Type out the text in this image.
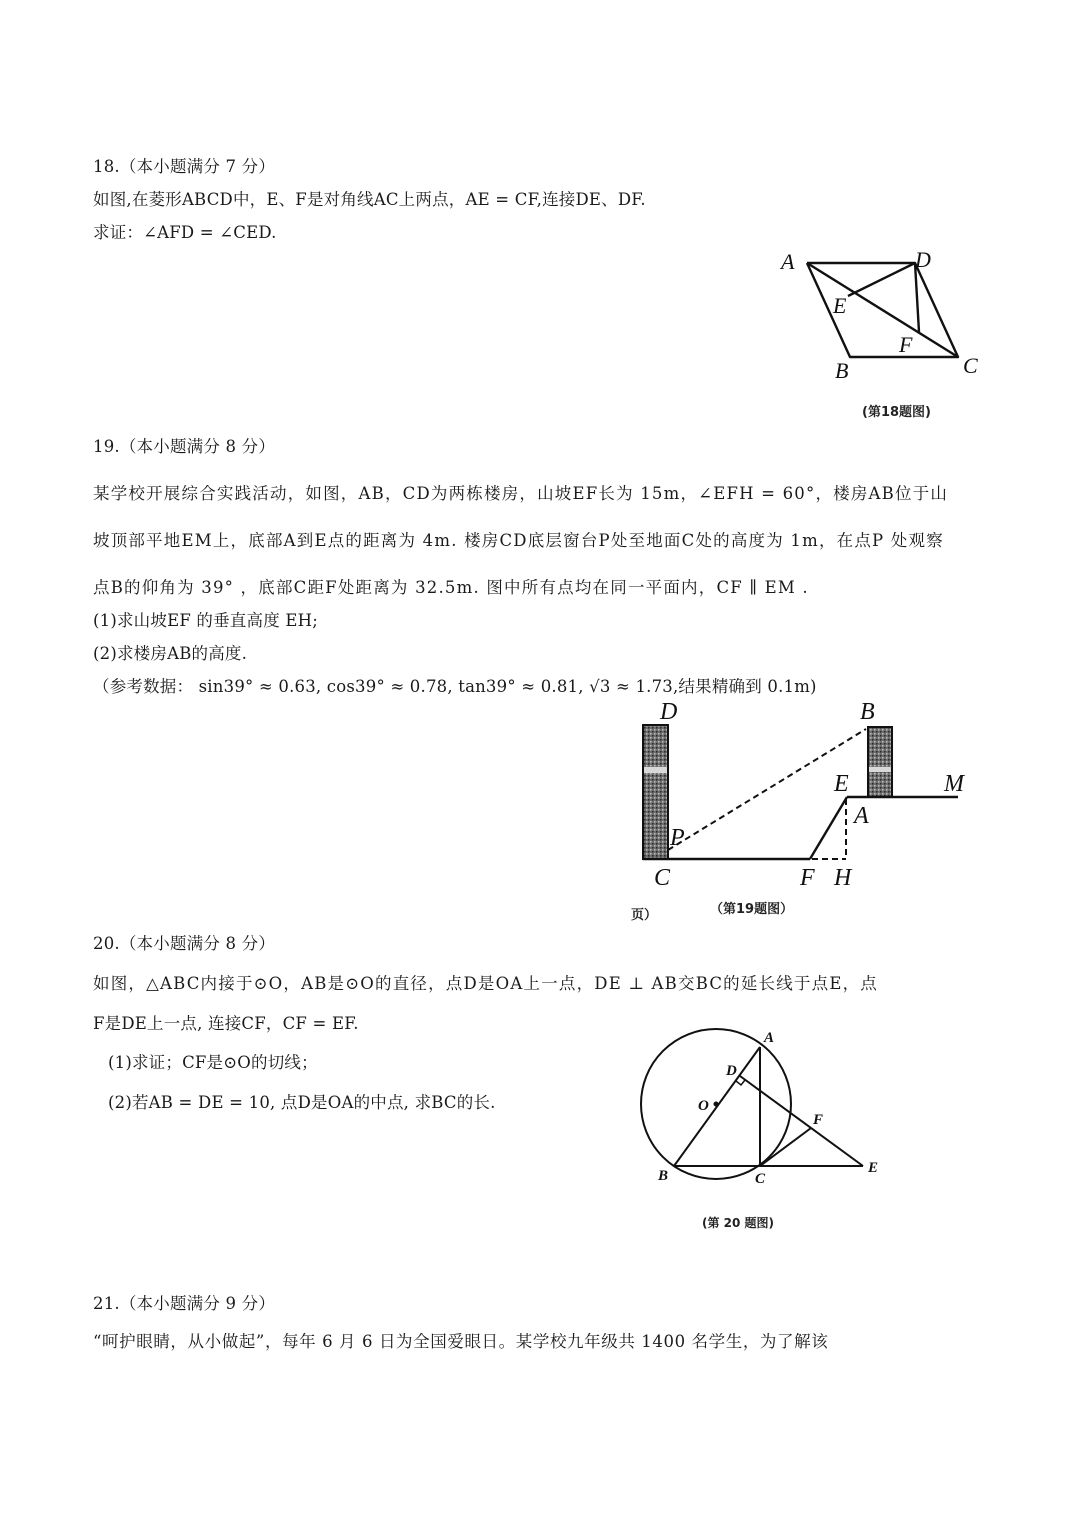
18.（本小题满分 7 分）
如图,在菱形ABCD中，E、F是对角线AC上两点，AE = CF,连接DE、DF.
求证：∠AFD = ∠CED.
A	D
E
F
C
B
(第18题图)
19.（本小题满分 8 分）
某学校开展综合实践活动，如图，AB，CD为两栋楼房，山坡EF长为 15m，∠EFH = 60°，楼房AB位于山
坡顶部平地EM上，底部A到E点的距离为 4m. 楼房CD底层窗台P处至地面C处的高度为 1m，在点P 处观察
点B的仰角为 39° ，底部C距F处距离为 32.5m. 图中所有点均在同一平面内，CF ∥ EM .
(1)求山坡EF 的垂直高度 EH;
(2)求楼房AB的高度.
（参考数据： sin39° ≈ 0.63, cos39° ≈ 0.78, tan39° ≈ 0.81, √3 ≈ 1.73,结果精确到 0.1m)
D	B
E	M
A
P
C	F H
页）	（第19题图）
20.（本小题满分 8 分）
如图，△ABC内接于⊙O，AB是⊙O的直径，点D是OA上一点，DE ⊥ AB交BC的延长线于点E，点
F是DE上一点, 连接CF，CF = EF.
(1)求证；CF是⊙O的切线；
(2)若AB = DE = 10, 点D是OA的中点, 求BC的长.
A
D
O
F
B	C
E
(第 20 题图)
21.（本小题满分 9 分）
“呵护眼睛，从小做起”，每年 6 月 6 日为全国爱眼日。某学校九年级共 1400 名学生，为了解该
